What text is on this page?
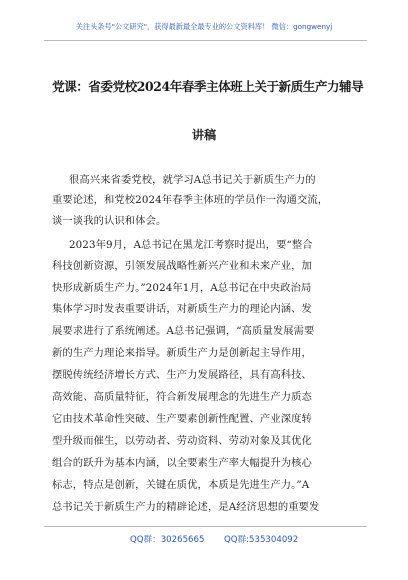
关注头条号"公文研究"，获得最新最全最专业的公文资料库！ 微信：gongwenyj
党课：省委党校2024年春季主体班上关于新质生产力辅导
讲稿
很高兴来省委党校，就学习A总书记关于新质生产力的
重要论述，和党校2024年春季主体班的学员作一沟通交流，
谈一谈我的认识和体会。
2023年9月，A总书记在黑龙江考察时提出，要“整合
科技创新资源，引领发展战略性新兴产业和未来产业，加
快形成新质生产力。”2024年1月，A总书记在中央政治局
集体学习时发表重要讲话，对新质生产力的理论内涵、发
展要求进行了系统阐述。A总书记强调，“高质量发展需要
新的生产力理论来指导。新质生产力是创新起主导作用，
摆脱传统经济增长方式、生产力发展路径，具有高科技、
高效能、高质量特征，符合新发展理念的先进生产力质态
它由技术革命性突破、生产要素创新性配置、产业深度转
型升级而催生，以劳动者、劳动资料、劳动对象及其优化
组合的跃升为基本内涵，以全要素生产率大幅提升为核心
标志，特点是创新，关键在质优，本质是先进生产力。”A
总书记关于新质生产力的精辟论述，是A经济思想的重要发
QQ群：30265665 QQ群:535304092
